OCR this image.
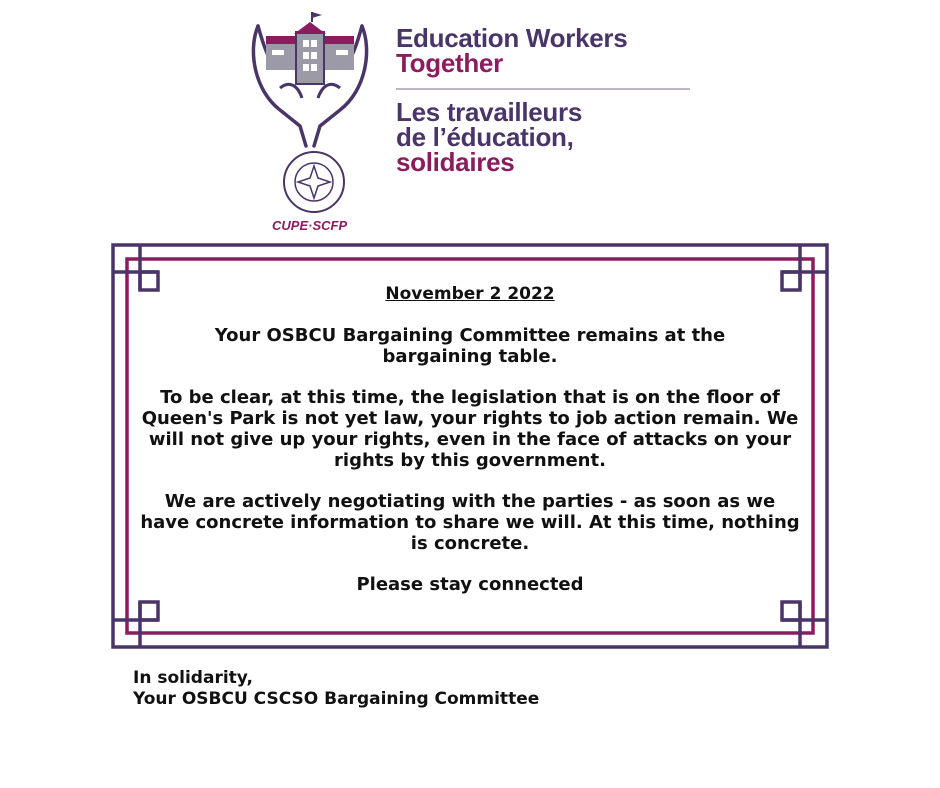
CUPE·SCFP
Education Workers
Together
Les travailleurs
de l’éducation,
solidaires
November 2 2022

Your OSBCU Bargaining Committee remains at the bargaining table.

To be clear, at this time, the legislation that is on the floor of Queen's Park is not yet law, your rights to job action remain. We will not give up your rights, even in the face of attacks on your rights by this government.

We are actively negotiating with the parties - as soon as we have concrete information to share we will. At this time, nothing is concrete.

Please stay connected

In solidarity,
Your OSBCU CSCSO Bargaining Committee
